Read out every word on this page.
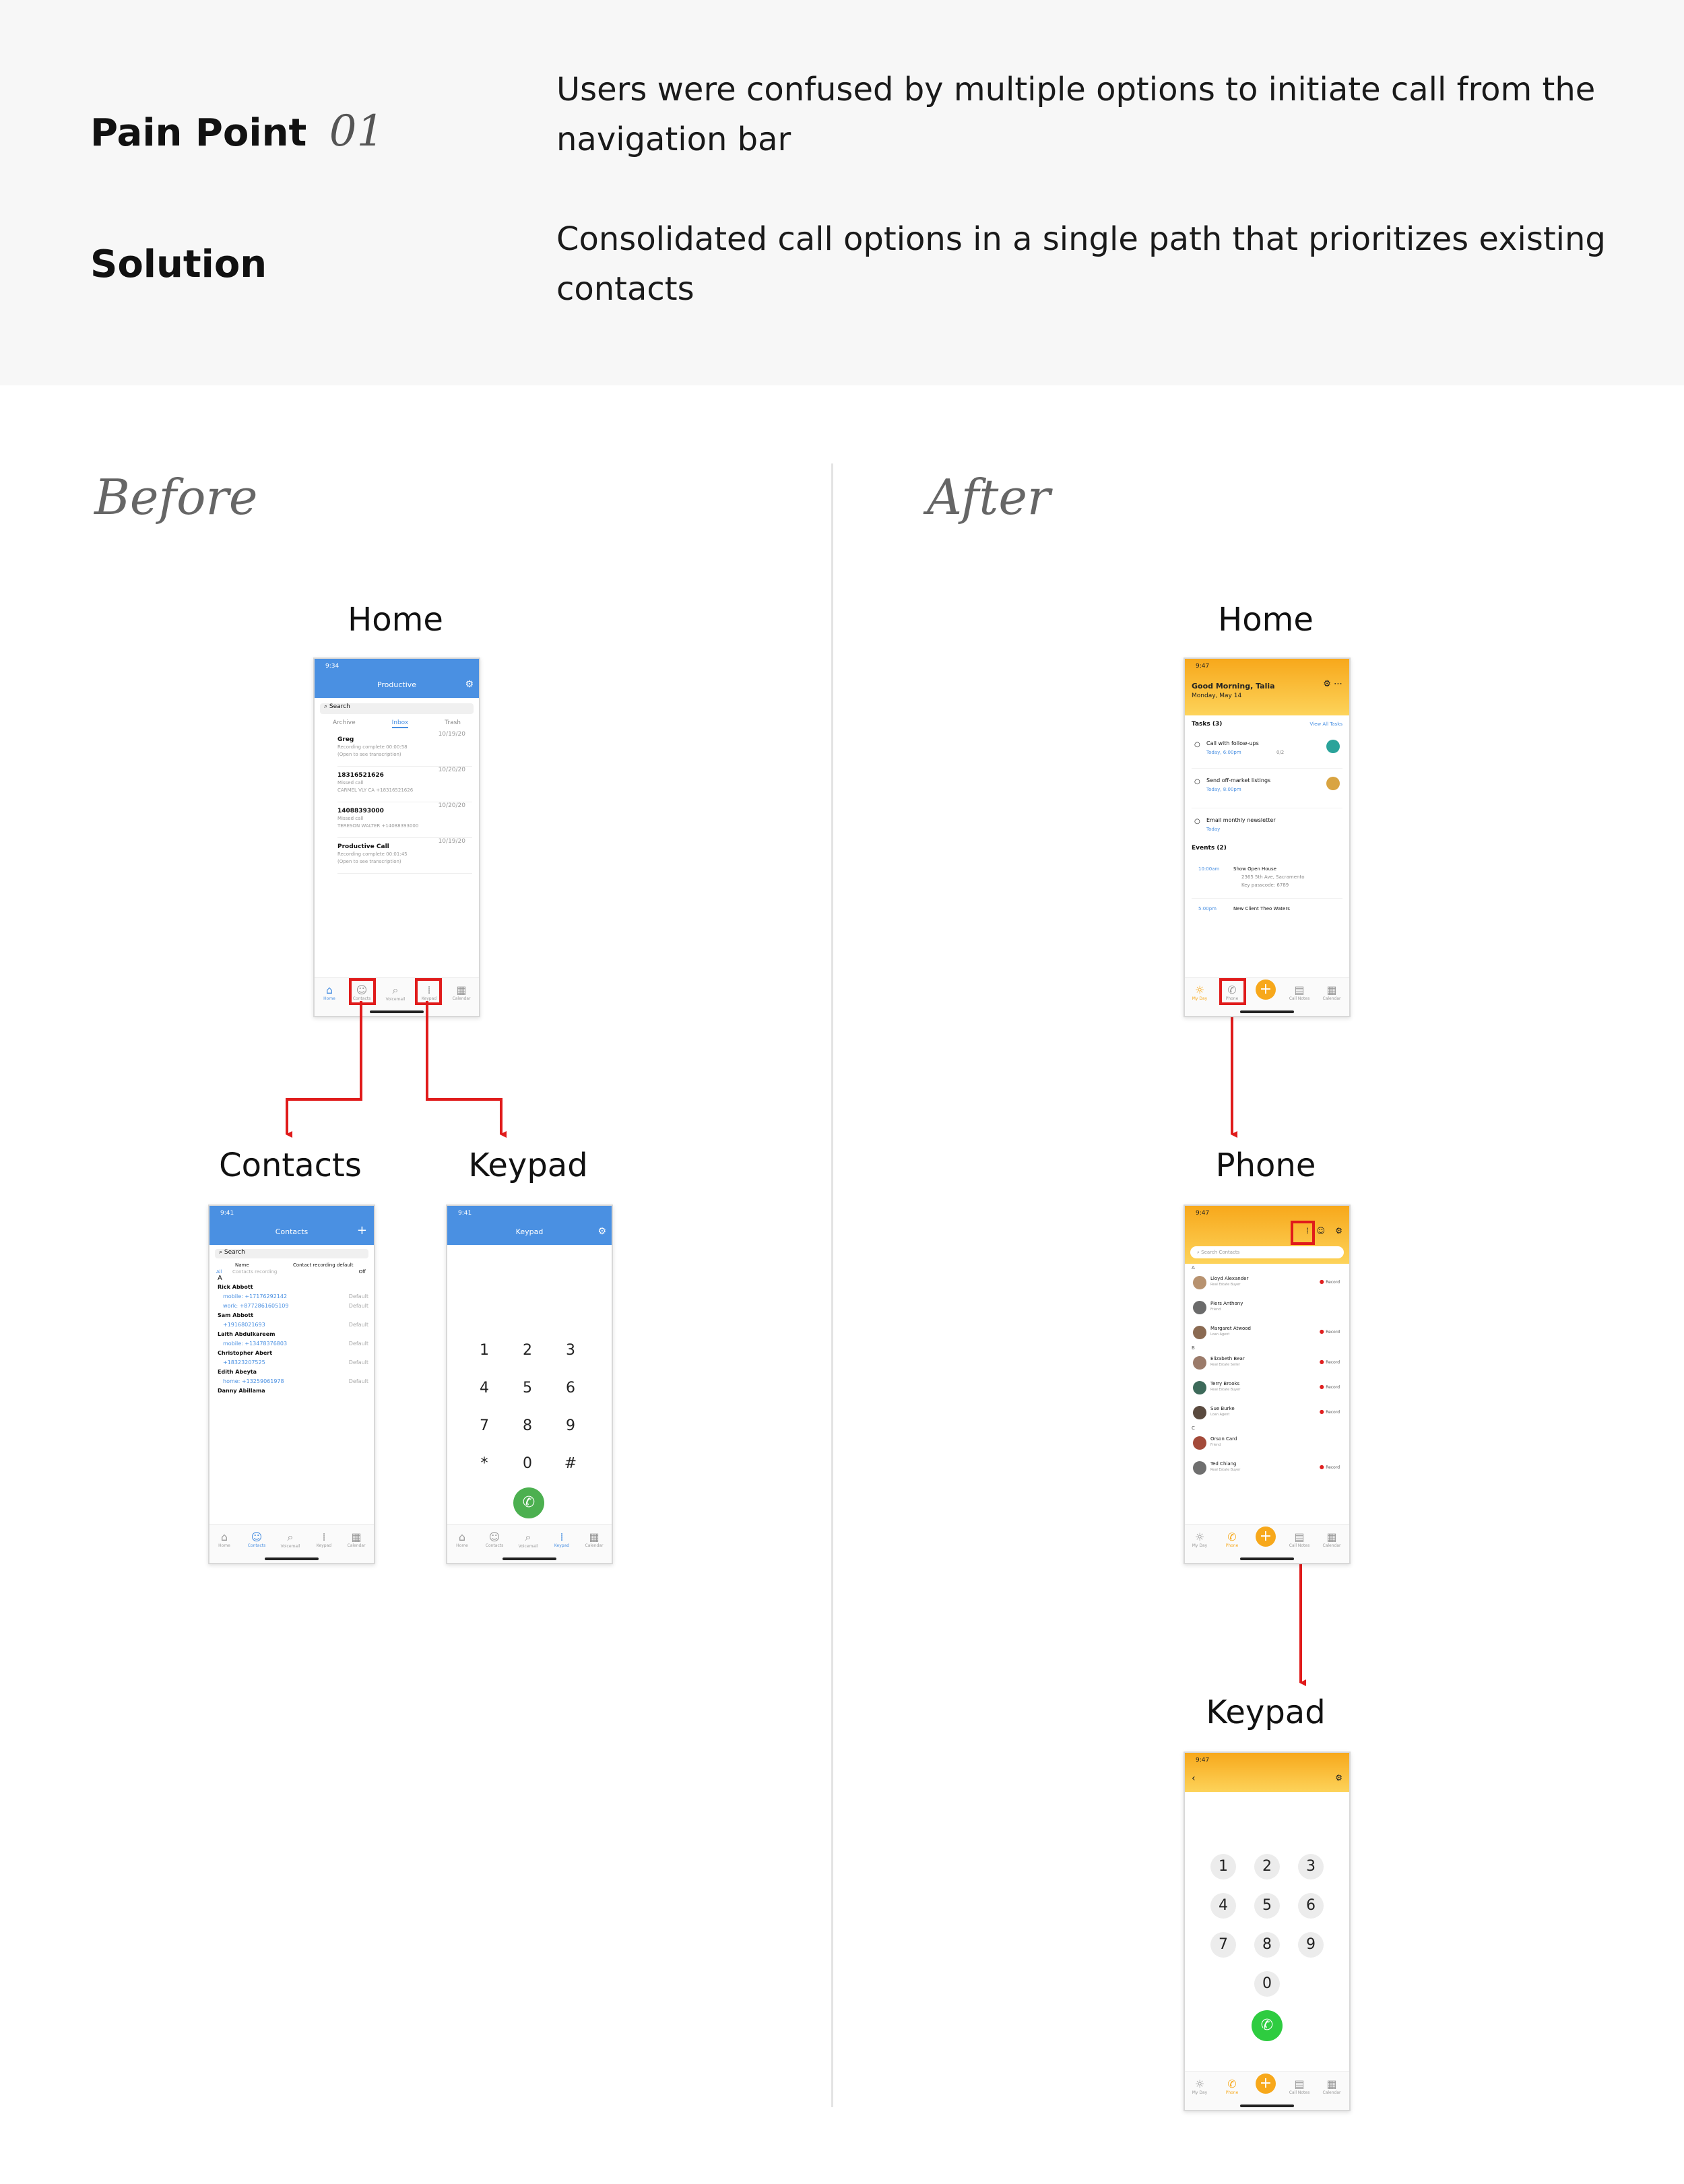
Pain Point 01
Users were confused by multiple options to initiate call from the navigation bar
Solution
Consolidated call options in a single path that prioritizes existing contacts
Before	After
Home
9:34
Productive	⚙
⌕ Search
Archive	Inbox	Trash
Greg
10/19/20
Recording complete 00:00:58
(Open to see transcription)
18316521626
10/20/20
Missed call
CARMEL VLY CA +18316521626
14088393000
10/20/20
Missed call
TERESON WALTER +14088393000
Productive Call
10/19/20
Recording complete 00:01:45
(Open to see transcription)
⌂
Home
☺
Contacts
⌕
Voicemail
⁞
Keypad
▦
Calendar
Contacts
9:41
Contacts	+
⌕ Search
Name	Contact recording default
All Contacts recording	Off
A
Rick Abbott
mobile: +17176292142	Default
work: +8772861605109	Default
Sam Abbott
+19168021693	Default
Laith Abdulkareem
mobile: +13478376803	Default
Christopher Abert
+18323207525	Default
Edith Abeyta
home: +13259061978	Default
Danny Abillama
⌂
Home
☺
Contacts
⌕
Voicemail
⁞
Keypad
▦
Calendar
Keypad
9:41
Keypad	⚙
1	2	3
4	5	6
7	8	9
*	0	#
✆
⌂
Home
☺
Contacts
⌕
Voicemail
⁞
Keypad
▦
Calendar
Home
9:47
Good Morning, Talia
Monday, May 14
⚙ ⋯
Tasks (3)	View All Tasks
○ Call with follow-ups
Today, 6:00pm	0/2
○ Send off-market listings
Today, 8:00pm
○ Email monthly newsletter
Today
Events (2)
10:00am	Show Open House
2365 5th Ave, Sacramento
Key passcode: 6789
5:00pm	New Client Theo Waters
☼
My Day
✆
Phone
+	▤
Call Notes
▦
Calendar
Phone
9:47
⁞ ☺ ⚙
⌕ Search Contacts
A
Lloyd Alexander
Real Estate Buyer	● Record
Piers Anthony
Friend
Margaret Atwood
Loan Agent	● Record
B
Elizabeth Bear
Real Estate Seller	● Record
Terry Brooks
Real Estate Buyer	● Record
Sue Burke
Loan Agent	● Record
C
Orson Card
Friend
Ted Chiang
Real Estate Buyer	● Record
☼
My Day
✆
Phone
+	▤
Call Notes
▦
Calendar
Keypad
9:47
‹	⚙
1	2	3
4	5	6
7	8	9
0
✆
☼
My Day
✆
Phone
+	▤
Call Notes
▦
Calendar
